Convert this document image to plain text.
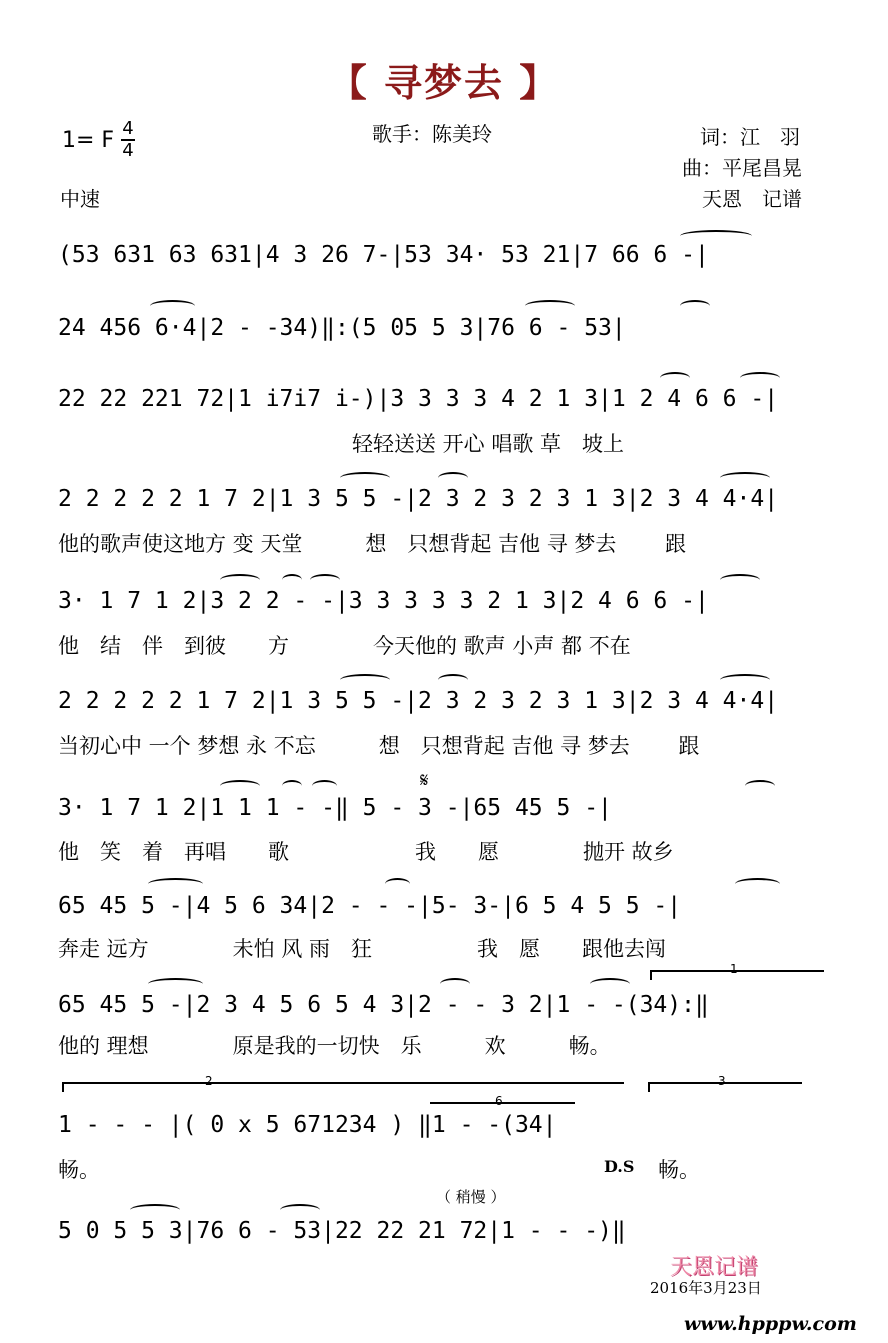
【 寻梦去 】
1= F 4
4
歌手：陈美玲	词：江　羽
曲：平尾昌晃
中速	天恩　记谱
(53 631 63 631|4 3 26 7-|53 34· 53 21|7 66 6 -|
24 456 6·4|2 - -34)‖:(5 05 5 3|76 6 - 53|
22 22 221 72|1 i7i7 i-)|3 3 3 3 4 2 1 3|1 2 4 6 6 -|
　　　　　　　　　　　　　　轻轻送送 开心 唱歌 草　坡上
2 2 2 2 2 1 7 2|1 3 5 5 -|2 3 2 3 2 3 1 3|2 3 4 4·4|
他的歌声使这地方 变 天堂　　　想　只想背起 吉他 寻 梦去　　 跟
3· 1 7 1 2|3 2 2 - -|3 3 3 3 3 2 1 3|2 4 6 6 -|
他　结　伴　到彼　　方　　　　今天他的 歌声 小声 都 不在
2 2 2 2 2 1 7 2|1 3 5 5 -|2 3 2 3 2 3 1 3|2 3 4 4·4|
当初心中 一个 梦想 永 不忘　　　想　只想背起 吉他 寻 梦去　　 跟
𝄋
3· 1 7 1 2|1 1 1 - -‖ 5 - 3 -|65 45 5 -|
他　笑　着　再唱　　歌　　　　　　我　　愿　　　　抛开 故乡
65 45 5 -|4 5 6 34|2 - - -|5- 3-|6 5 4 5 5 -|
奔走 远方　　　　未怕 风 雨　狂　　　　　我　愿　　跟他去闯
1
65 45 5 -|2 3 4 5 6 5 4 3|2 - - 3 2|1 - -(34):‖
他的 理想　　　　原是我的一切快　乐　　　欢　　　畅。
2	3
6
1 - - - |( 0 x 5 671234 ) ‖1 - -(34|
畅。	D.S 畅。
（ 稍慢 ）
5 0 5 5 3|76 6 - 53|22 22 21 72|1 - - -)‖
天恩记谱
2016年3月23日
www.hpppw.com
